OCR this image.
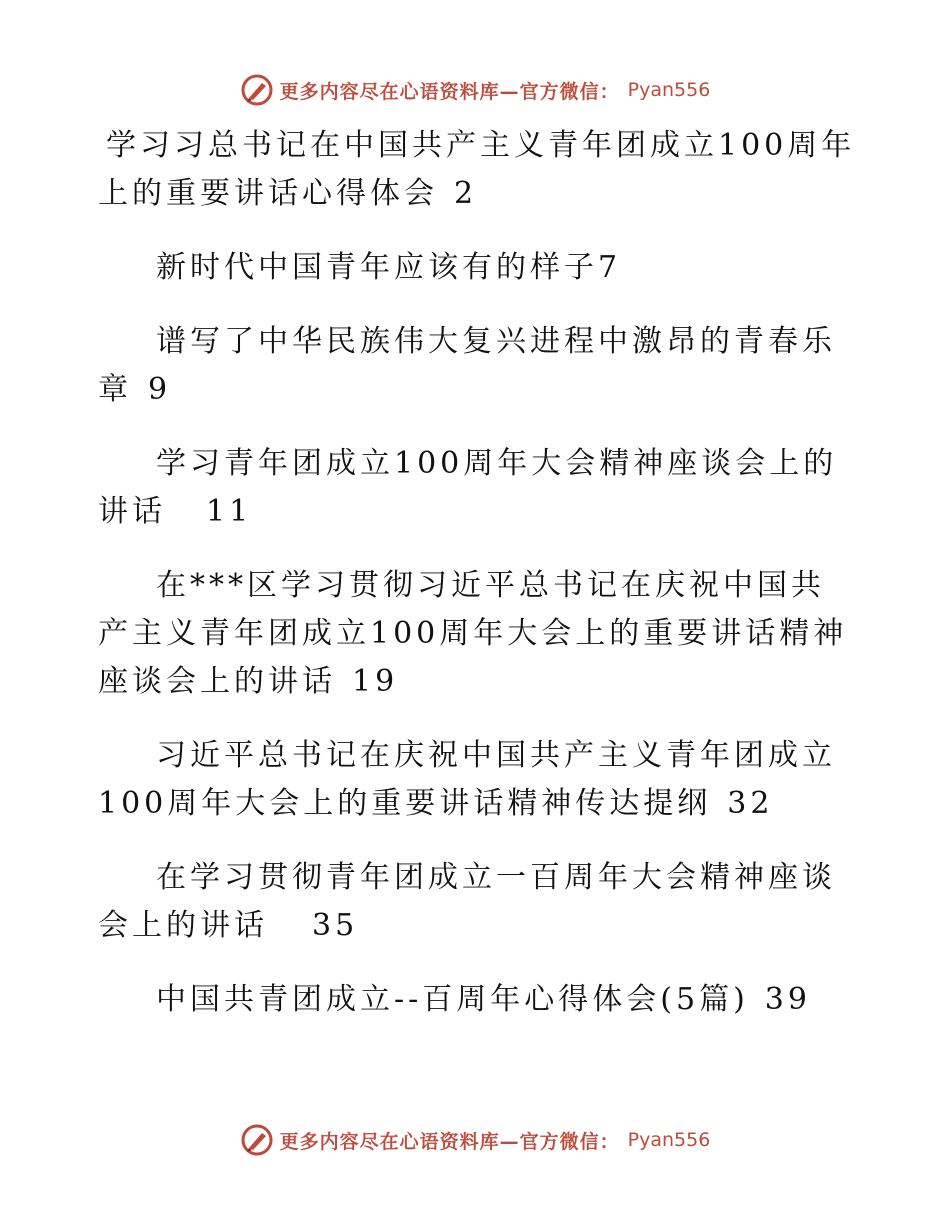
更多内容尽在心语资料库—官方微信： Pyan556

学习习总书记在中国共产主义青年团成立100周年上的重要讲话心得体会 2

新时代中国青年应该有的样子7

谱写了中华民族伟大复兴进程中激昂的青春乐章 9

学习青年团成立100周年大会精神座谈会上的讲话 11

在***区学习贯彻习近平总书记在庆祝中国共产主义青年团成立100周年大会上的重要讲话精神座谈会上的讲话 19

习近平总书记在庆祝中国共产主义青年团成立100周年大会上的重要讲话精神传达提纲 32

在学习贯彻青年团成立一百周年大会精神座谈会上的讲话 35

中国共青团成立--百周年心得体会(5篇) 39

更多内容尽在心语资料库—官方微信： Pyan556
